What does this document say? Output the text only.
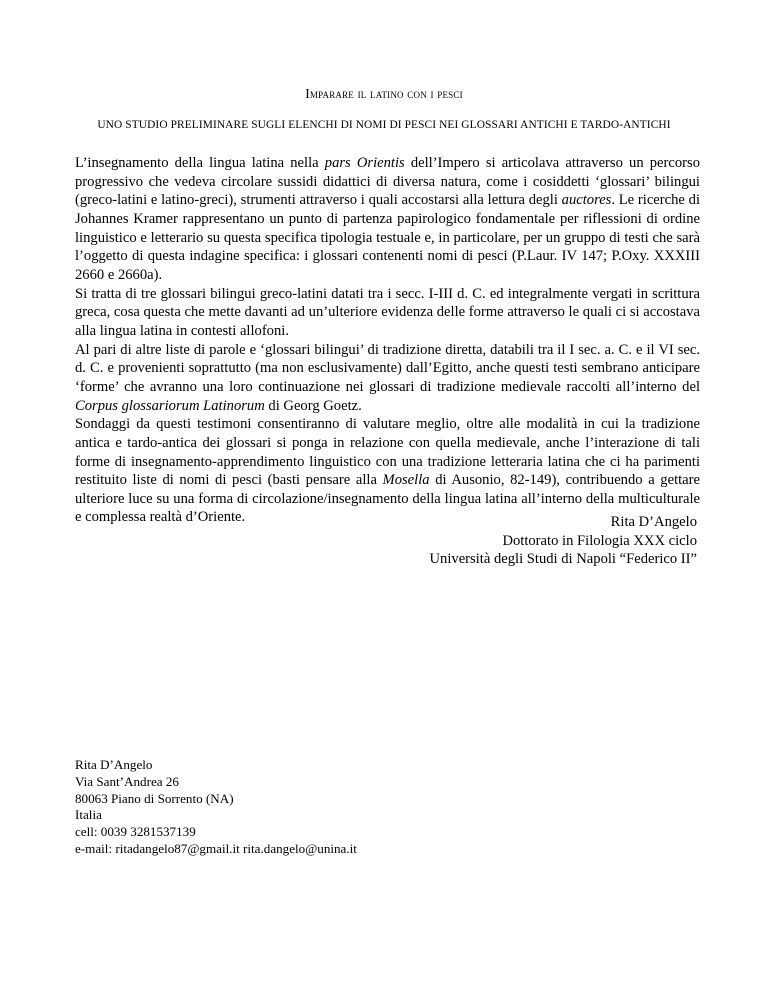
Imparare il latino con i pesci
UNO STUDIO PRELIMINARE SUGLI ELENCHI DI NOMI DI PESCI NEI GLOSSARI ANTICHI E TARDO-ANTICHI

L’insegnamento della lingua latina nella pars Orientis dell’Impero si articolava attraverso un percorso progressivo che vedeva circolare sussidi didattici di diversa natura, come i cosiddetti ‘glossari’ bilingui (greco-latini e latino-greci), strumenti attraverso i quali accostarsi alla lettura degli auctores. Le ricerche di Johannes Kramer rappresentano un punto di partenza papirologico fondamentale per riflessioni di ordine linguistico e letterario su questa specifica tipologia testuale e, in particolare, per un gruppo di testi che sarà l’oggetto di questa indagine specifica: i glossari contenenti nomi di pesci (P.Laur. IV 147; P.Oxy. XXXIII 2660 e 2660a).

Si tratta di tre glossari bilingui greco-latini datati tra i secc. I-III d. C. ed integralmente vergati in scrittura greca, cosa questa che mette davanti ad un’ulteriore evidenza delle forme attraverso le quali ci si accostava alla lingua latina in contesti allofoni.

Al pari di altre liste di parole e ‘glossari bilingui’ di tradizione diretta, databili tra il I sec. a. C. e il VI sec. d. C. e provenienti soprattutto (ma non esclusivamente) dall’Egitto, anche questi testi sembrano anticipare ‘forme’ che avranno una loro continuazione nei glossari di tradizione medievale raccolti all’interno del Corpus glossariorum Latinorum di Georg Goetz.

Sondaggi da questi testimoni consentiranno di valutare meglio, oltre alle modalità in cui la tradizione antica e tardo-antica dei glossari si ponga in relazione con quella medievale, anche l’interazione di tali forme di insegnamento-apprendimento linguistico con una tradizione letteraria latina che ci ha parimenti restituito liste di nomi di pesci (basti pensare alla Mosella di Ausonio, 82-149), contribuendo a gettare ulteriore luce su una forma di circolazione/insegnamento della lingua latina all’interno della multiculturale e complessa realtà d’Oriente.	Rita D’Angelo
Dottorato in Filologia XXX ciclo
Università degli Studi di Napoli “Federico II”
Rita D’Angelo
Via Sant’Andrea 26
80063 Piano di Sorrento (NA)
Italia
cell: 0039 3281537139
e-mail: ritadangelo87@gmail.it rita.dangelo@unina.it
